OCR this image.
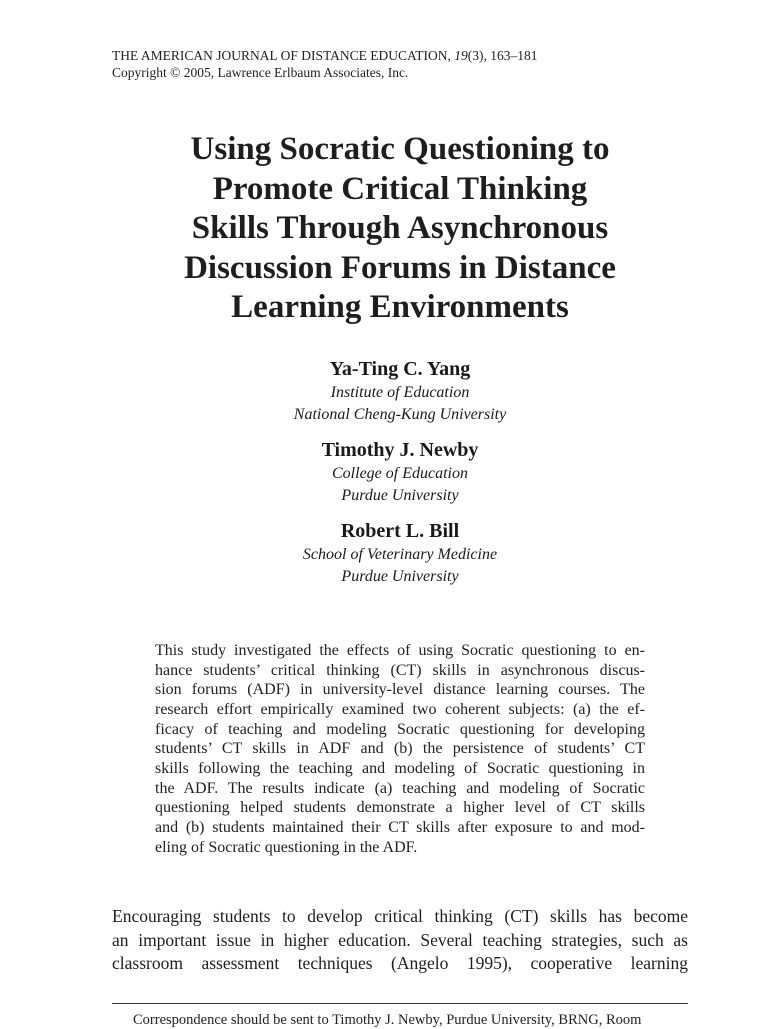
THE AMERICAN JOURNAL OF DISTANCE EDUCATION, 19(3), 163–181
Copyright © 2005, Lawrence Erlbaum Associates, Inc.
Using Socratic Questioning to
Promote Critical Thinking
Skills Through Asynchronous
Discussion Forums in Distance
Learning Environments
Ya-Ting C. Yang
Institute of Education
National Cheng-Kung University
Timothy J. Newby
College of Education
Purdue University
Robert L. Bill
School of Veterinary Medicine
Purdue University
This study investigated the effects of using Socratic questioning to en-
hance students’ critical thinking (CT) skills in asynchronous discus-
sion forums (ADF) in university-level distance learning courses. The
research effort empirically examined two coherent subjects: (a) the ef-
ficacy of teaching and modeling Socratic questioning for developing
students’ CT skills in ADF and (b) the persistence of students’ CT
skills following the teaching and modeling of Socratic questioning in
the ADF. The results indicate (a) teaching and modeling of Socratic
questioning helped students demonstrate a higher level of CT skills
and (b) students maintained their CT skills after exposure to and mod-
eling of Socratic questioning in the ADF.
Encouraging students to develop critical thinking (CT) skills has become
an important issue in higher education. Several teaching strategies, such as
classroom assessment techniques (Angelo 1995), cooperative learning
Correspondence should be sent to Timothy J. Newby, Purdue University, BRNG, Room
